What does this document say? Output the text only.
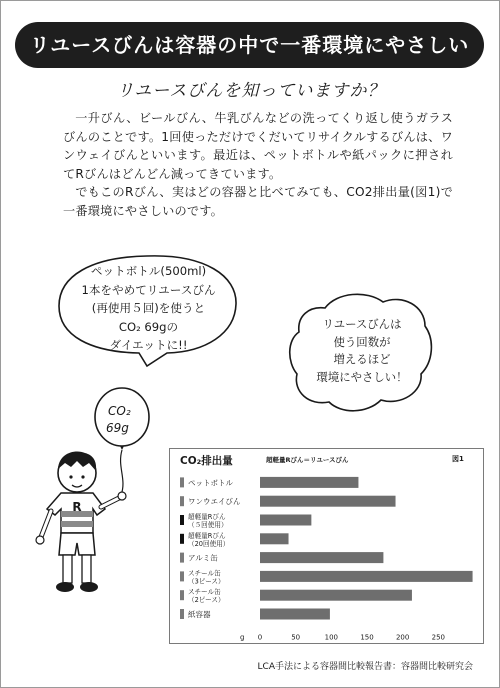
リユースびんは容器の中で一番環境にやさしい
リユースびんを知っていますか？

一升びん、ビールびん、牛乳びんなどの洗ってくり返し使うガラスびんのことです。1回使っただけでくだいてリサイクルするびんは、ワンウェイびんといいます。最近は、ペットボトルや紙パックに押されてRびんはどんどん減ってきています。

でもこのRびん、実はどの容器と比べてみても、CO2排出量(図1)で一番環境にやさしいのです。

ペットボトル(500ml)
1本をやめてリユースびん
(再使用５回)を使うと
CO₂ 69gの
ダイエットに!!
リユースびんは
使う回数が
増えるほど
環境にやさしい！
R
CO₂
69g
CO₂排出量	超軽量Rびん＝リユースびん	図1
ペットボトル
ワンウエイびん
超軽量Rびん
（５回使用）
超軽量Rびん
（20回使用）
アルミ缶
スチール缶
（3ピース）
スチール缶
（2ピース）
紙容器
g 0	50	100	150	200	250
LCA手法による容器間比較報告書：容器間比較研究会
